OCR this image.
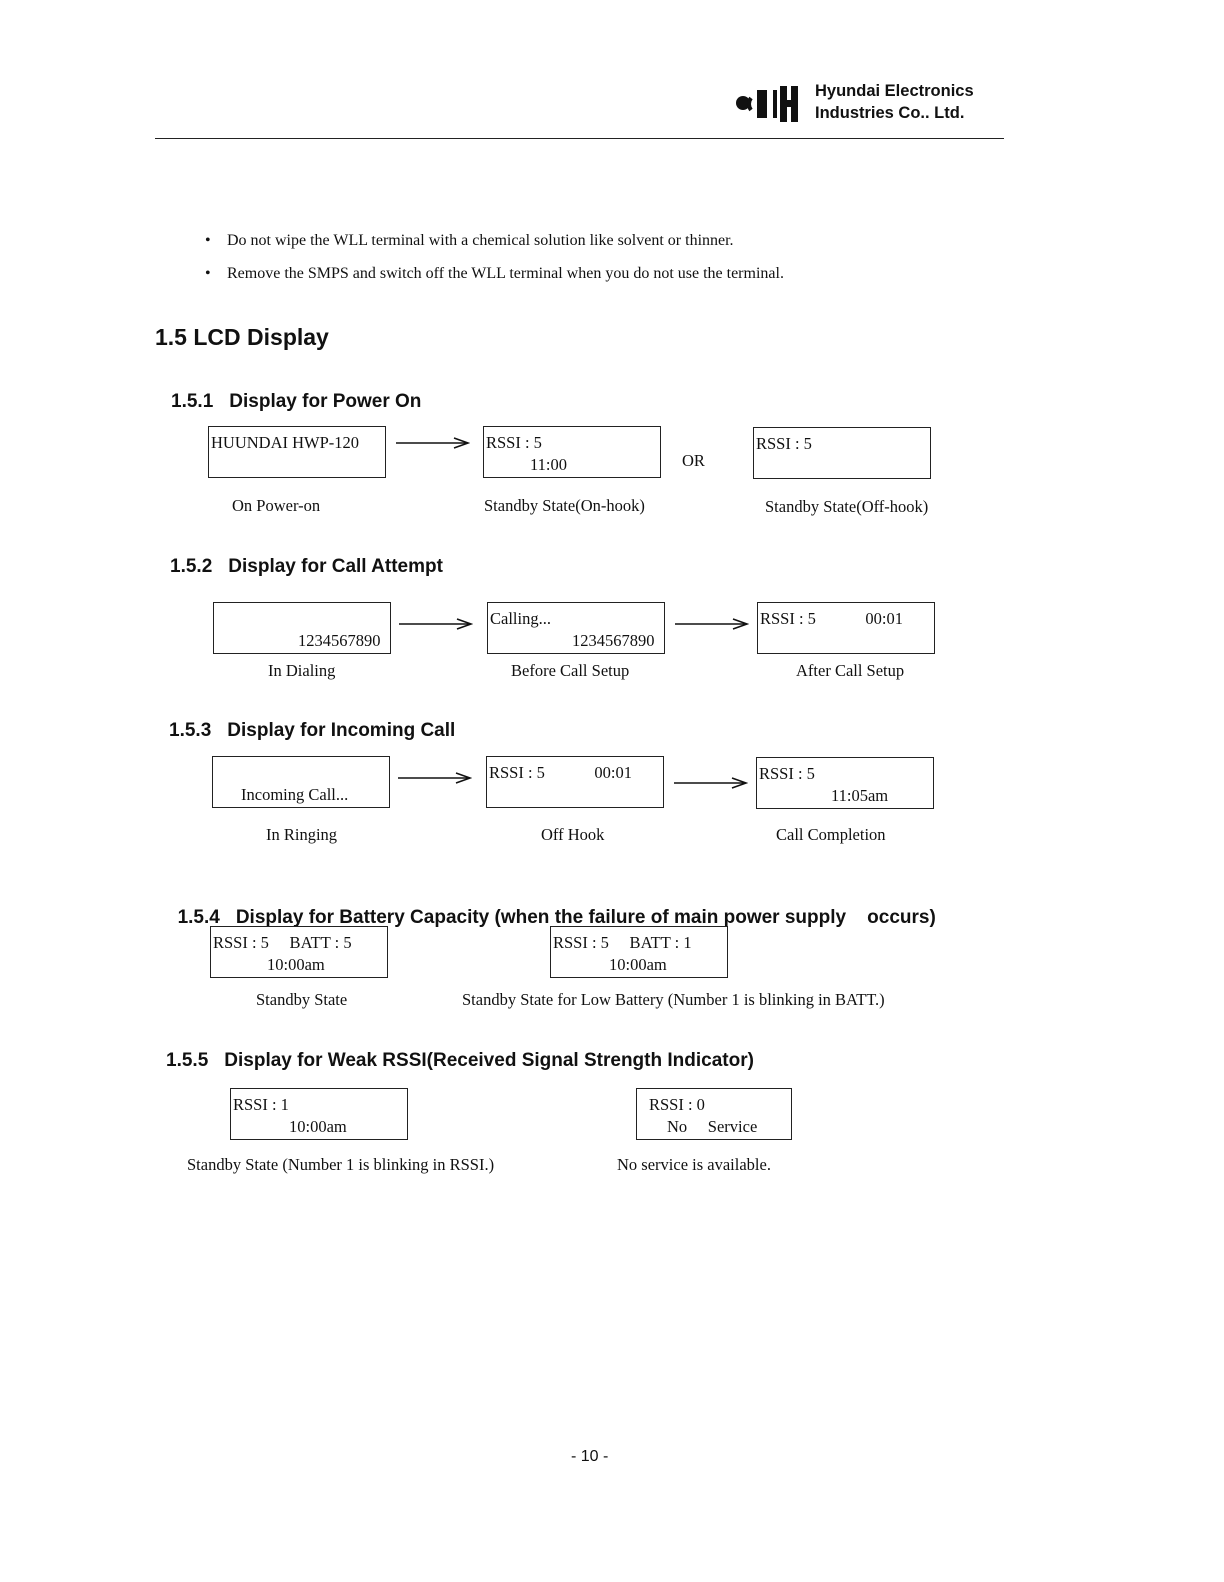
Hyundai Electronics
Industries Co.. Ltd.
• Do not wipe the WLL terminal with a chemical solution like solvent or thinner.
• Remove the SMPS and switch off the WLL terminal when you do not use the terminal.
1.5 LCD Display
1.5.1 Display for Power On
HUUNDAI HWP-120	RSSI : 5
11:00	OR
RSSI : 5
On Power-on	Standby State(On-hook)	Standby State(Off-hook)
1.5.2 Display for Call Attempt
1234567890
Calling...
1234567890
RSSI : 5            00:01
In Dialing	Before Call Setup	After Call Setup
1.5.3 Display for Incoming Call
Incoming Call...
RSSI : 5            00:01	RSSI : 5
11:05am
In Ringing	Off Hook	Call Completion

1.5.4 Display for Battery Capacity (when the failure of main power supply    occurs)

RSSI : 5     BATT : 5
10:00am
RSSI : 5     BATT : 1
10:00am
Standby State	Standby State for Low Battery (Number 1 is blinking in BATT.)
1.5.5 Display for Weak RSSI(Received Signal Strength Indicator)
RSSI : 1
10:00am
RSSI : 0
No     Service
Standby State (Number 1 is blinking in RSSI.)	No service is available.
- 10 -
